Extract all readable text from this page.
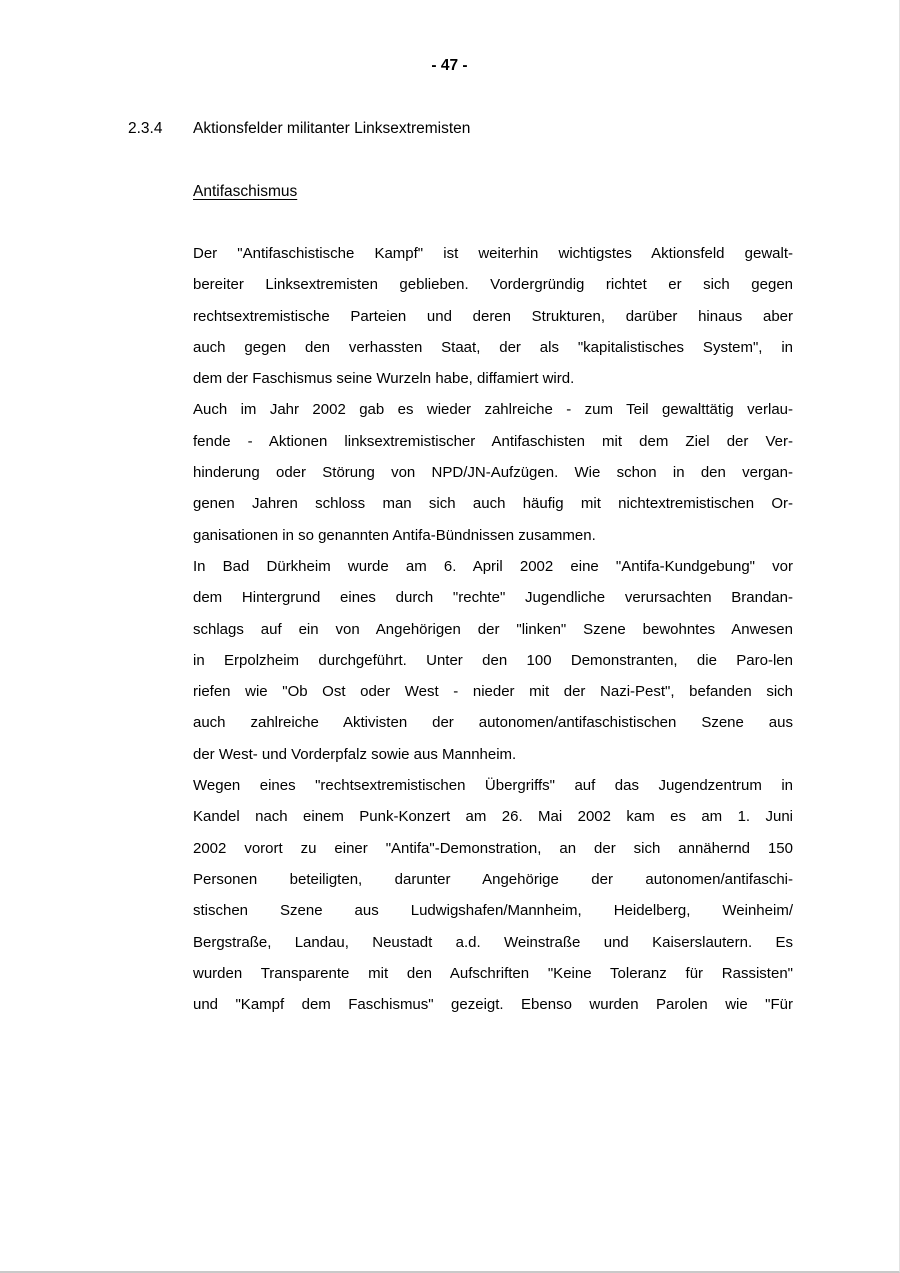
- 47 -
2.3.4 Aktionsfelder militanter Linksextremisten
Antifaschismus
Der "Antifaschistische Kampf" ist weiterhin wichtigstes Aktionsfeld gewalt-
bereiter Linksextremisten geblieben. Vordergründig richtet er sich gegen
rechtsextremistische Parteien und deren Strukturen, darüber hinaus aber
auch gegen den verhassten Staat, der als "kapitalistisches System", in
dem der Faschismus seine Wurzeln habe, diffamiert wird.
Auch im Jahr 2002 gab es wieder zahlreiche - zum Teil gewalttätig verlau-
fende - Aktionen linksextremistischer Antifaschisten mit dem Ziel der Ver-
hinderung oder Störung von NPD/JN-Aufzügen. Wie schon in den vergan-
genen Jahren schloss man sich auch häufig mit nichtextremistischen Or-
ganisationen in so genannten Antifa-Bündnissen zusammen.
In Bad Dürkheim wurde am 6. April 2002 eine "Antifa-Kundgebung" vor
dem Hintergrund eines durch "rechte" Jugendliche verursachten Brandan-
schlags auf ein von Angehörigen der "linken" Szene bewohntes Anwesen
in Erpolzheim durchgeführt. Unter den 100 Demonstranten, die Paro-len
riefen wie "Ob Ost oder West - nieder mit der Nazi-Pest", befanden sich
auch zahlreiche Aktivisten der autonomen/antifaschistischen Szene aus
der West- und Vorderpfalz sowie aus Mannheim.
Wegen eines "rechtsextremistischen Übergriffs" auf das Jugendzentrum in
Kandel nach einem Punk-Konzert am 26. Mai 2002 kam es am 1. Juni
2002 vorort zu einer "Antifa"-Demonstration, an der sich annähernd 150
Personen beteiligten, darunter Angehörige der autonomen/antifaschi-
stischen Szene aus Ludwigshafen/Mannheim, Heidelberg, Weinheim/
Bergstraße, Landau, Neustadt a.d. Weinstraße und Kaiserslautern. Es
wurden Transparente mit den Aufschriften "Keine Toleranz für Rassisten"
und "Kampf dem Faschismus" gezeigt. Ebenso wurden Parolen wie "Für
